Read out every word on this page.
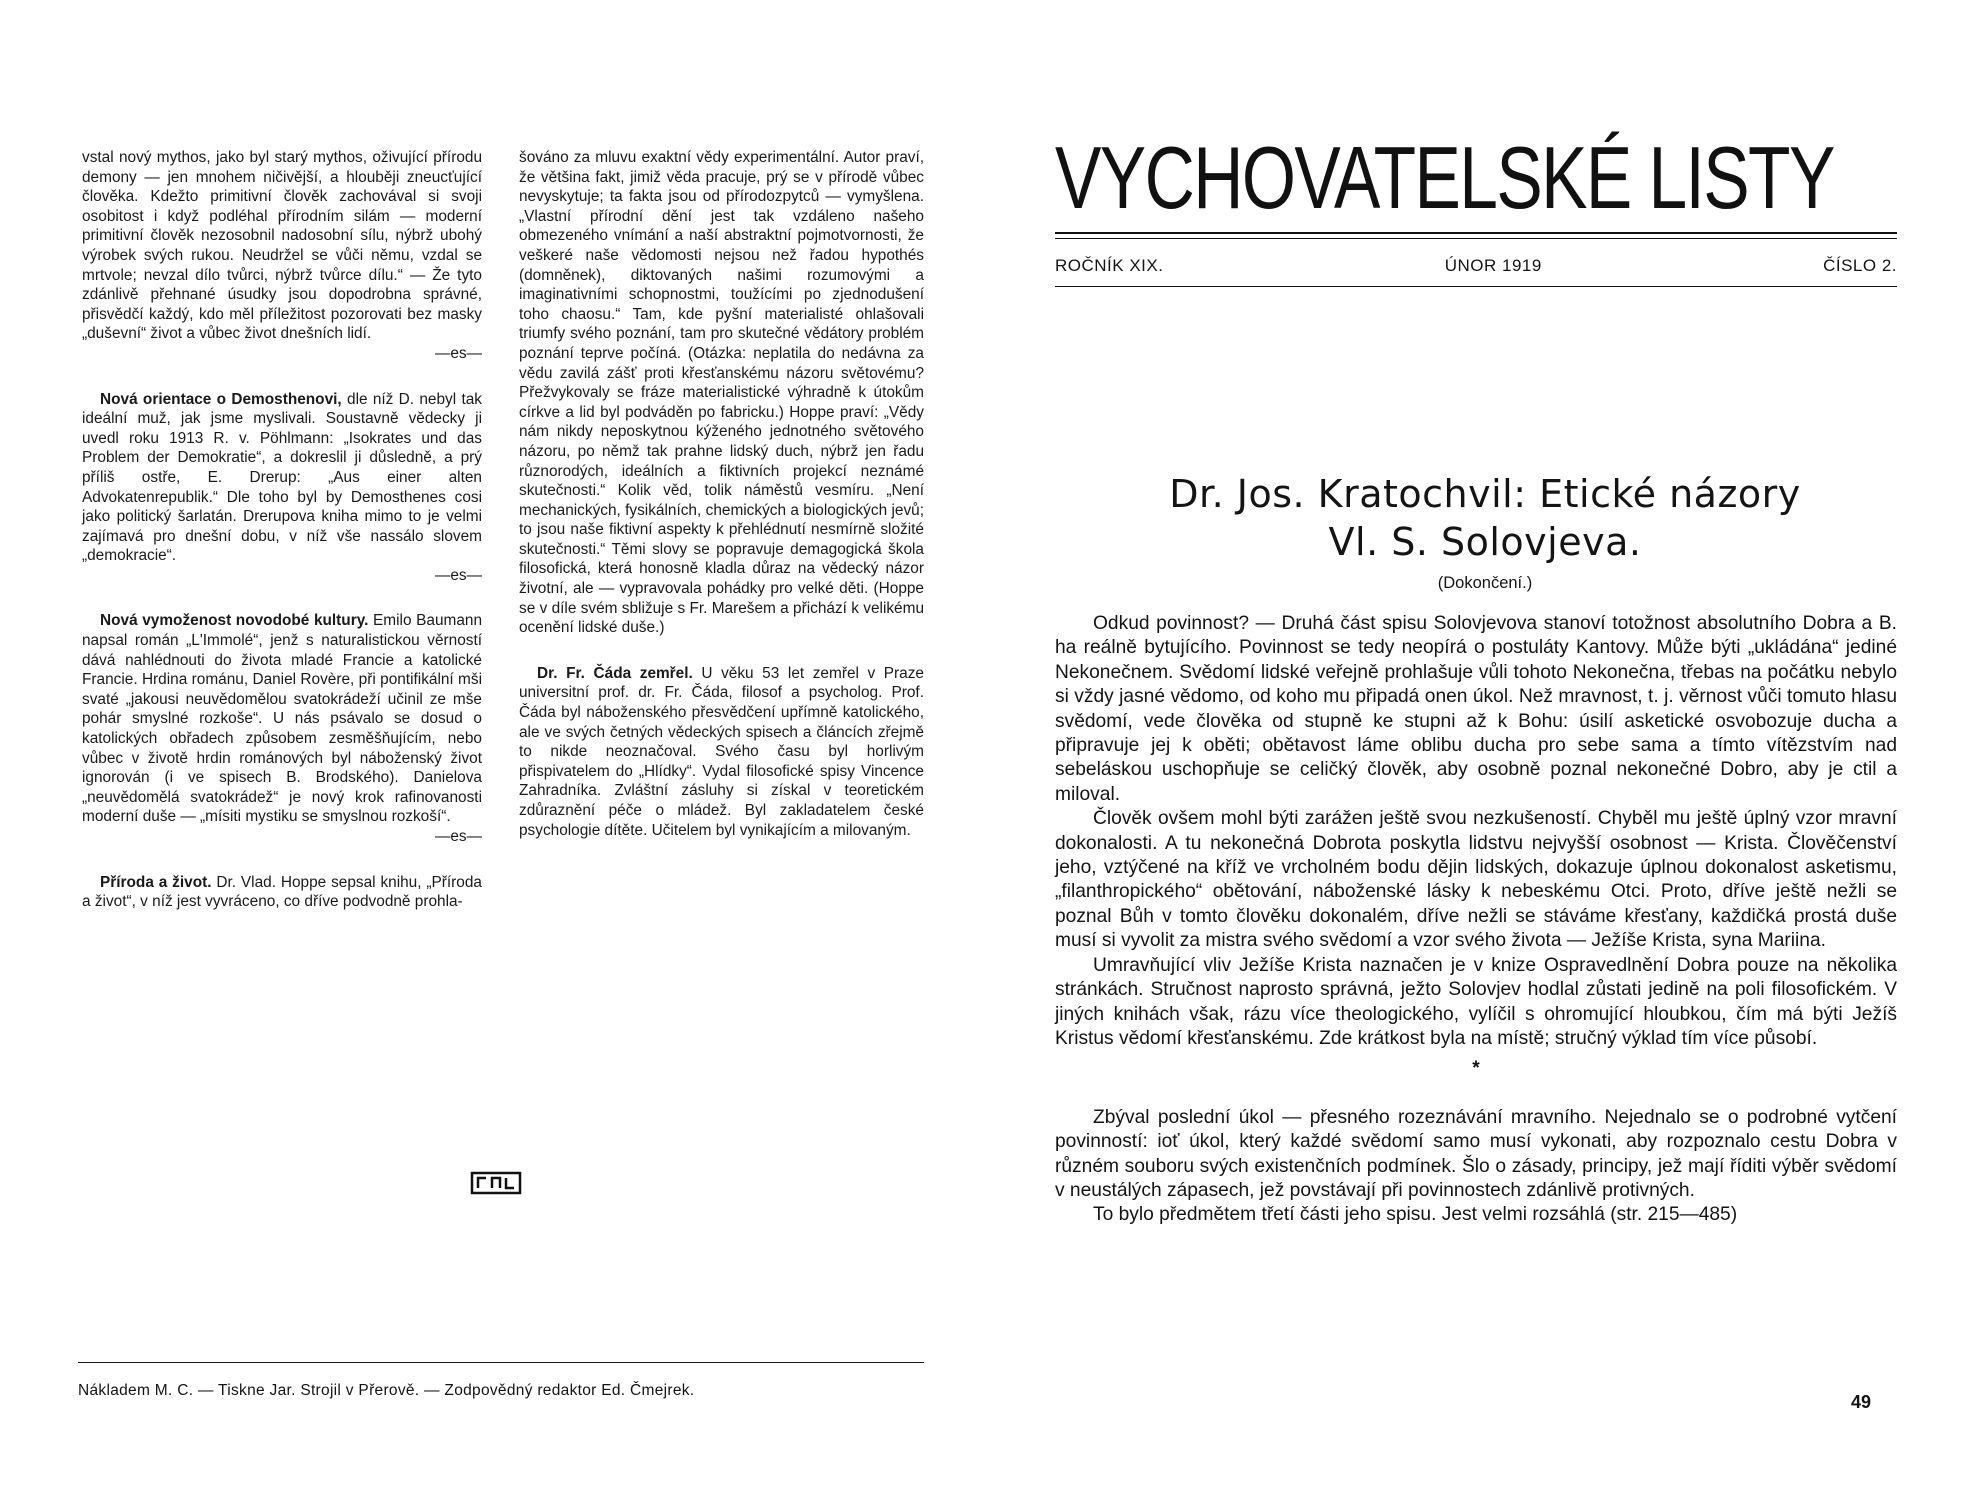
vstal nový mythos, jako byl starý mythos, oživující přírodu demony — jen mnohem ničivější, a hlouběji zneucťující člověka. Kdežto primitivní člověk zachovával si svoji osobitost i když podléhal přírodním silám — moderní primitivní člověk nezosobnil nadosobní sílu, nýbrž ubohý výrobek svých rukou. Neudržel se vůči němu, vzdal se mrtvole; nevzal dílo tvůrci, nýbrž tvůrce dílu.“ — Že tyto zdánlivě přehnané úsudky jsou dopodrobna správné, přisvědčí každý, kdo měl příležitost pozorovati bez masky „duševní“ život a vůbec život dnešních lidí.
—es—

Nová orientace o Demosthenovi, dle níž D. nebyl tak ideální muž, jak jsme myslivali. Soustavně vědecky ji uvedl roku 1913 R. v. Pöhlmann: „Isokrates und das Problem der Demokratie“, a dokreslil ji důsledně, a prý příliš ostře, E. Drerup: „Aus einer alten Advokatenrepublik.“ Dle toho byl by Demosthenes cosi jako politický šarlatán. Drerupova kniha mimo to je velmi zajímavá pro dnešní dobu, v níž vše nassálo slovem „demokracie“.
—es—

Nová vymoženost novodobé kultury. Emilo Baumann napsal román „L'Immolé“, jenž s naturalistickou věrností dává nahlédnouti do života mladé Francie a katolické Francie. Hrdina románu, Daniel Rovère, při pontifikální mši svaté „jakousi neuvědomělou svatokrádeží učinil ze mše pohár smyslné rozkoše“. U nás psávalo se dosud o katolických obřadech způsobem zesměšňujícím, nebo vůbec v životě hrdin románových byl náboženský život ignorován (i ve spisech B. Brodského). Danielova „neuvědomělá svatokrádež“ je nový krok rafinovanosti moderní duše — „mísiti mystiku se smyslnou rozkoší“.
—es—

Příroda a život. Dr. Vlad. Hoppe sepsal knihu, „Příroda a život“, v níž jest vyvráceno, co dříve podvodně prohla-

šováno za mluvu exaktní vědy experimentální. Autor praví, že většina fakt, jimiž věda pracuje, prý se v přírodě vůbec nevyskytuje; ta fakta jsou od přírodozpytců — vymyšlena. „Vlastní přírodní dění jest tak vzdáleno našeho obmezeného vnímání a naší abstraktní pojmotvornosti, že veškeré naše vědomosti nejsou než řadou hypothés (domněnek), diktovaných našimi rozumovými a imaginativními schopnostmi, toužícími po zjednodušení toho chaosu.“ Tam, kde pyšní materialisté ohlašovali triumfy svého poznání, tam pro skutečné vědátory problém poznání teprve počíná. (Otázka: neplatila do nedávna za vědu zavilá zášť proti křesťanskému názoru světovému? Přežvykovaly se fráze materialistické výhradně k útokům církve a lid byl podváděn po fabricku.) Hoppe praví: „Vědy nám nikdy neposkytnou kýženého jednotného světového názoru, po němž tak prahne lidský duch, nýbrž jen řadu různorodých, ideálních a fiktivních projekcí neznámé skutečnosti.“ Kolik věd, tolik náměstů vesmíru. „Není mechanických, fysikálních, chemických a biologických jevů; to jsou naše fiktivní aspekty k přehlédnutí nesmírně složité skutečnosti.“ Těmi slovy se popravuje demagogická škola filosofická, která honosně kladla důraz na vědecký názor životní, ale — vypravovala pohádky pro velké děti. (Hoppe se v díle svém sbližuje s Fr. Marešem a přichází k velikému ocenění lidské duše.)

Dr. Fr. Čáda zemřel. U věku 53 let zemřel v Praze universitní prof. dr. Fr. Čáda, filosof a psycholog. Prof. Čáda byl náboženského přesvědčení upřímně katolického, ale ve svých četných vědeckých spisech a článcích zřejmě to nikde neoznačoval. Svého času byl horlivým přispivatelem do „Hlídky“. Vydal filosofické spisy Vincence Zahradníka. Zvláštní zásluhy si získal v teoretickém zdůraznění péče o mládež. Byl zakladatelem české psychologie dítěte. Učitelem byl vynikajícím a milovaným.

Nákladem M. C. — Tiskne Jar. Strojil v Přerově. — Zodpovědný redaktor Ed. Čmejrek.
VYCHOVATELSKÉ LISTY
ROČNÍK XIX.	ÚNOR 1919	ČÍSLO 2.
Dr. Jos. Kratochvil: Etické názory
Vl. S. Solovjeva.
(Dokončení.)

Odkud povinnost? — Druhá část spisu Solovjevova stanoví totožnost absolutního Dobra a B. ha reálně bytujícího. Povinnost se tedy neopírá o postuláty Kantovy. Může býti „ukládána“ jediné Nekonečnem. Svědomí lidské veřejně prohlašuje vůli tohoto Nekonečna, třebas na počátku nebylo si vždy jasné vědomo, od koho mu připadá onen úkol. Než mravnost, t. j. věrnost vůči tomuto hlasu svědomí, vede člověka od stupně ke stupni až k Bohu: úsilí asketické osvobozuje ducha a připravuje jej k oběti; obětavost láme oblibu ducha pro sebe sama a tímto vítězstvím nad sebeláskou uschopňuje se celičký člověk, aby osobně poznal nekonečné Dobro, aby je ctil a miloval.

Člověk ovšem mohl býti zarážen ještě svou nezkušeností. Chyběl mu ještě úplný vzor mravní dokonalosti. A tu nekonečná Dobrota poskytla lidstvu nejvyšší osobnost — Krista. Člověčenství jeho, vztýčené na kříž ve vrcholném bodu dějin lidských, dokazuje úplnou dokonalost asketismu, „filanthropického“ obětování, náboženské lásky k nebeskému Otci. Proto, dříve ještě nežli se poznal Bůh v tomto člověku dokonalém, dříve nežli se stáváme křesťany, každičká prostá duše musí si vyvolit za mistra svého svědomí a vzor svého života — Ježíše Krista, syna Mariina.

Umravňující vliv Ježíše Krista naznačen je v knize Ospravedlnění Dobra pouze na několika stránkách. Stručnost naprosto správná, ježto Solovjev hodlal zůstati jedině na poli filosofickém. V jiných knihách však, rázu více theologického, vylíčil s ohromující hloubkou, čím má býti Ježíš Kristus vědomí křesťanskému. Zde krátkost byla na místě; stručný výklad tím více působí.

*

Zbýval poslední úkol — přesného rozeznávání mravního. Nejednalo se o podrobné vytčení povinností: ioť úkol, který každé svědomí samo musí vykonati, aby rozpoznalo cestu Dobra v různém souboru svých existenčních podmínek. Šlo o zásady, principy, jež mají říditi výběr svědomí v neustálých zápasech, jež povstávají při povinnostech zdánlivě protivných.

To bylo předmětem třetí části jeho spisu. Jest velmi rozsáhlá (str. 215—485)

49
